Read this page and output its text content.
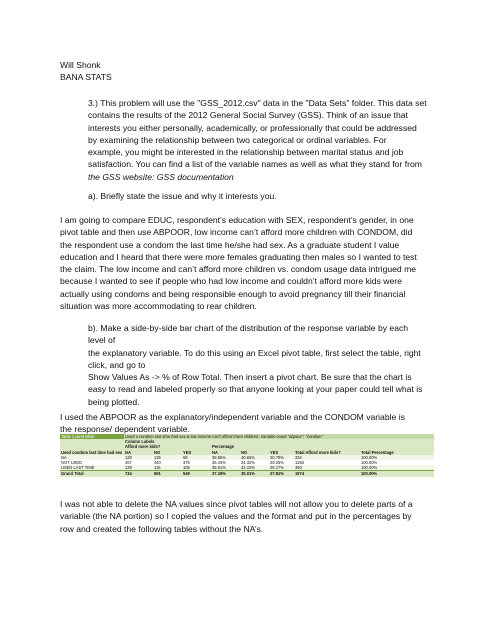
Will Shonk
BANA STATS

3.) This problem will use the "GSS_2012.csv" data in the "Data Sets" folder. This data set

contains the results of the 2012 General Social Survey (GSS). Think of an issue that

interests you either personally, academically, or professionally that could be addressed

by examining the relationship between two categorical or ordinal variables. For

example, you might be interested in the relationship between marital status and job

satisfaction. You can find a list of the variable names as well as what they stand for from

the GSS website: GSS documentation

a). Briefly state the issue and why it interests you.

I am going to compare EDUC, respondent’s education with SEX, respondent’s gender, in one

pivot table and then use ABPOOR, low income can’t afford more children with CONDOM, did

the respondent use a condom the last time he/she had sex. As a graduate student I value

education and I heard that there were more females graduating then males so I wanted to test

the claim. The low income and can’t afford more children vs. condom usage data intrigued me

because I wanted to see if people who had low income and couldn’t afford more kids were

actually using condoms and being responsible enough to avoid pregnancy till their financial

situation was more accommodating to rear children.

b). Make a side-by-side bar chart of the distribution of the response variable by each

level of

the explanatory variable. To do this using an Excel pivot table, first select the table, right

click, and go to

Show Values As -> % of Row Total. Then insert a pivot chart. Be sure that the chart is

easy to read and labeled properly so that anyone looking at your paper could tell what is

being plotted.

I used the ABPOOR as the explanatory/independent variable and the CONDOM variable is

the response/ dependent variable.

Table 1 pivot table:	Used a condom last time had sex & low income can't afford more children: Variable count "abpoor", "condom"							
	Column Labels							
	Afford more kids?			Percentage				
Used condom last time had sex	NA	NO	YES	NA	NO	YES	Total Afford more kids?	Total Percentage
NA	128	135	69	38.55%	40.66%	20.78%	332	100.00%
NOT USED	467	440	375	36.43%	34.32%	29.25%	1282	100.00%
USED LAST TIME	139	116	105	38.61%	32.22%	29.17%	360	100.00%
Grand Total	734	691	549	37.18%	35.01%	27.81%	1974	100.00%

I was not able to delete the NA values since pivot tables will not allow you to delete parts of a

variable (the NA portion) so I copied the values and the format and put in the percentages by

row and created the following tables without the NA’s.
